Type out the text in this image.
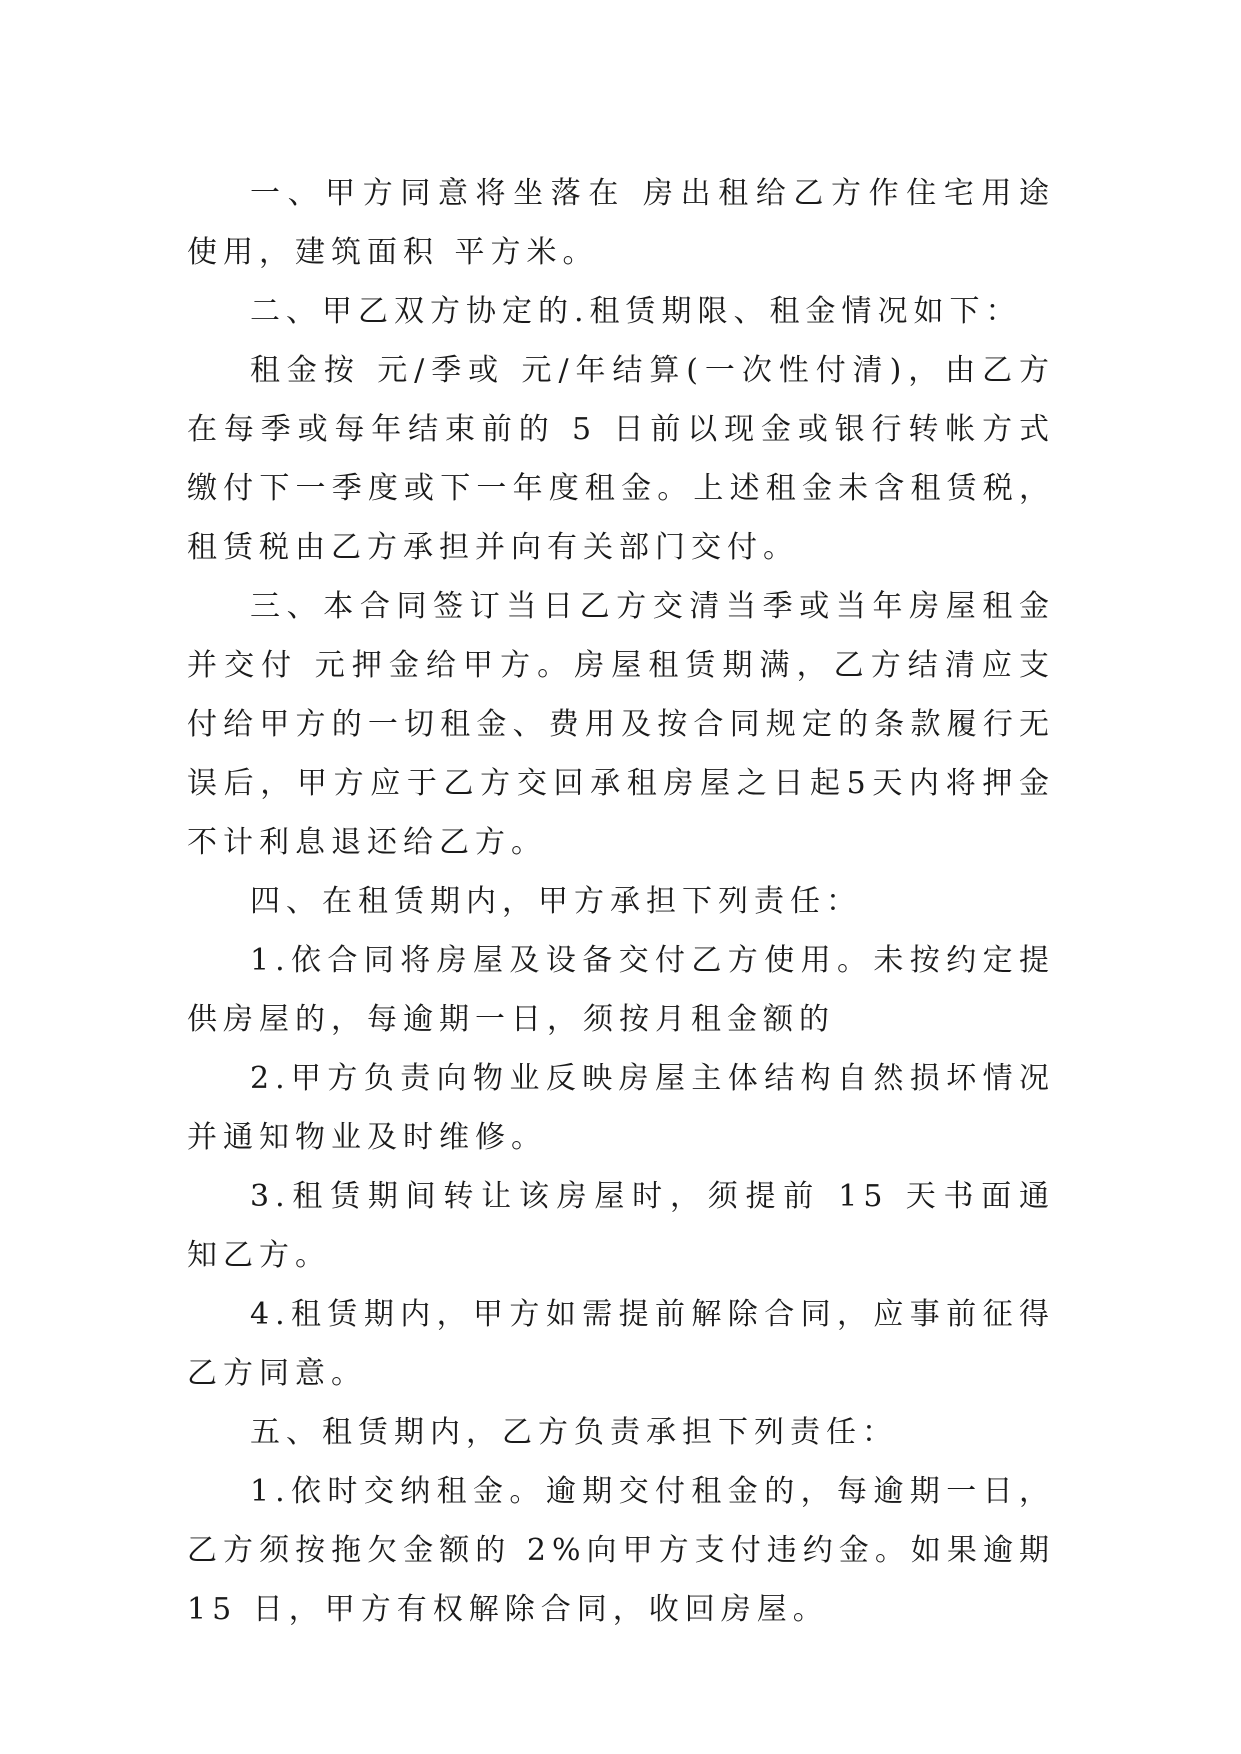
一、甲方同意将坐落在 房出租给乙方作住宅用途使用，建筑面积 平方米。

二、甲乙双方协定的.租赁期限、租金情况如下：

租金按 元/季或 元/年结算(一次性付清)，由乙方在每季或每年结束前的 5 日前以现金或银行转帐方式缴付下一季度或下一年度租金。上述租金未含租赁税，租赁税由乙方承担并向有关部门交付。

三、本合同签订当日乙方交清当季或当年房屋租金并交付 元押金给甲方。房屋租赁期满，乙方结清应支付给甲方的一切租金、费用及按合同规定的条款履行无误后，甲方应于乙方交回承租房屋之日起5天内将押金不计利息退还给乙方。

四、在租赁期内，甲方承担下列责任：

1.依合同将房屋及设备交付乙方使用。未按约定提供房屋的，每逾期一日，须按月租金额的

2.甲方负责向物业反映房屋主体结构自然损坏情况并通知物业及时维修。

3.租赁期间转让该房屋时，须提前 15 天书面通知乙方。

4.租赁期内，甲方如需提前解除合同，应事前征得乙方同意。

五、租赁期内，乙方负责承担下列责任：

1.依时交纳租金。逾期交付租金的，每逾期一日，乙方须按拖欠金额的 2%向甲方支付违约金。如果逾期 15 日，甲方有权解除合同，收回房屋。
